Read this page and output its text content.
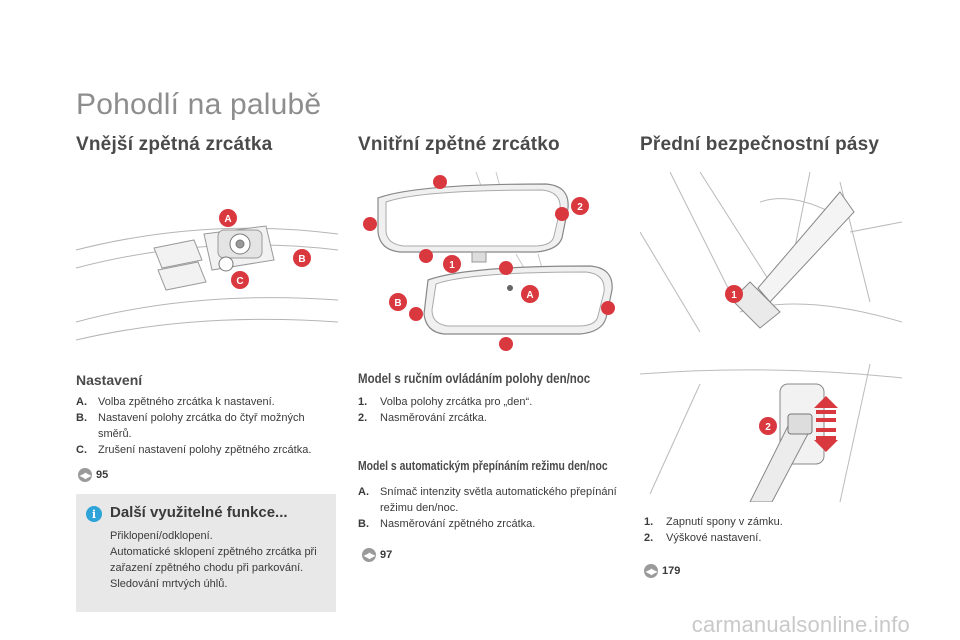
Pohodlí na palubě
Vnější zpětná zrcátka
A
B
C
Nastavení
A.	Volba zpětného zrcátka k nastavení.
B.	Nastavení polohy zrcátka do čtyř možných směrů.
C.	Zrušení nastavení polohy zpětného zrcátka.
◀▶ 95
i Další využitelné funkce...
Přiklopení/odklopení.
Automatické sklopení zpětného zrcátka při zařazení zpětného chodu při parkování.
Sledování mrtvých úhlů.
Vnitřní zpětné zrcátko
2
1
A
B
Model s ručním ovládáním polohy den/noc
1.	Volba polohy zrcátka pro „den“.
2.	Nasměrování zrcátka.
Model s automatickým přepínáním režimu den/noc
A.	Snímač intenzity světla automatického přepínání režimu den/noc.
B.	Nasměrování zpětného zrcátka.
◀▶ 97
Přední bezpečnostní pásy
1
2
1.	Zapnutí spony v zámku.
2.	Výškové nastavení.
◀▶ 179
carmanualsonline.info
